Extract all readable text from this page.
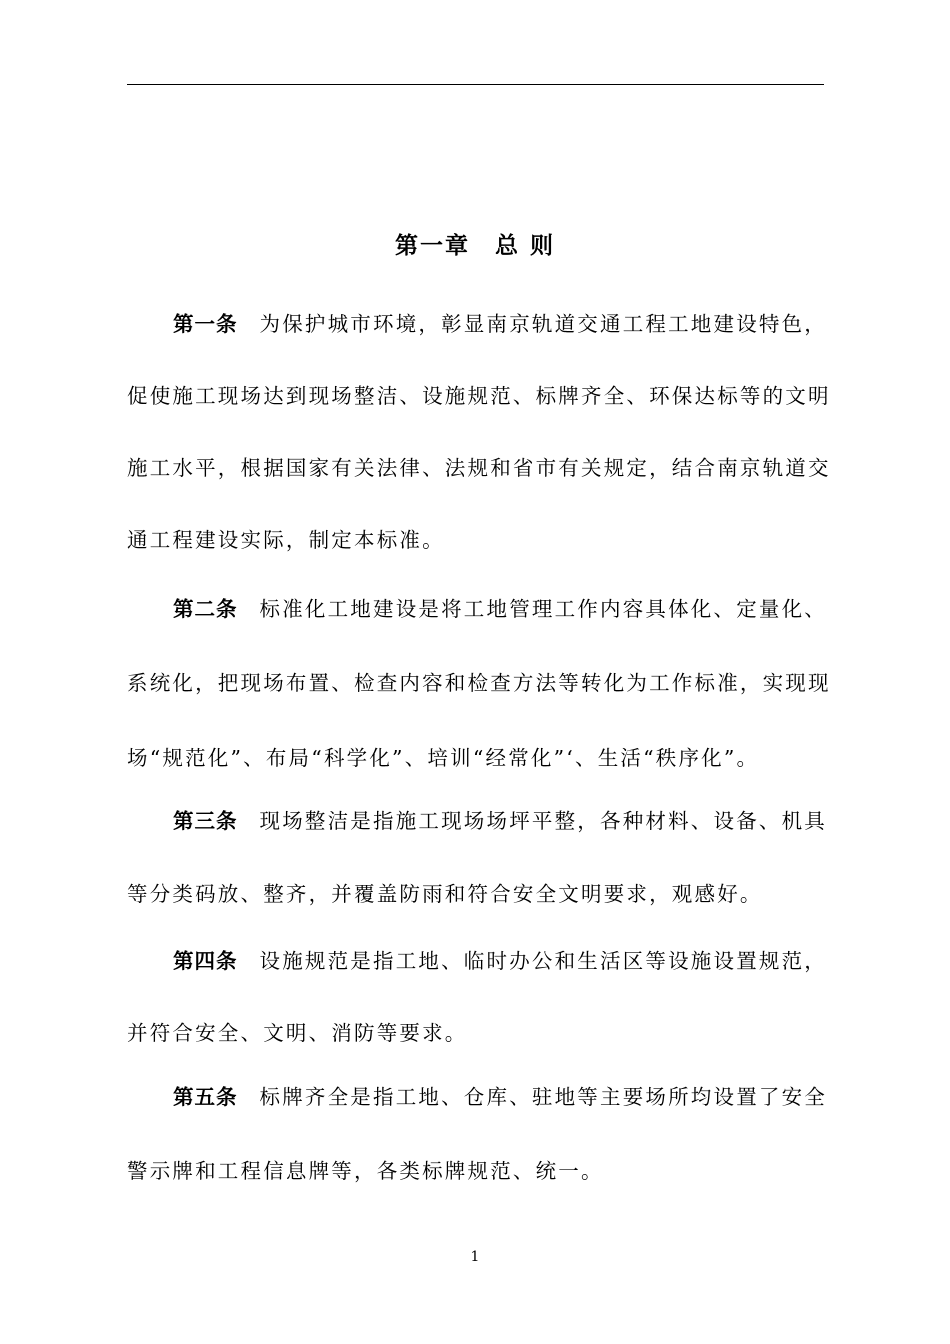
第一章　总 则
第一条 为保护城市环境，彰显南京轨道交通工程工地建设特色，
促使施工现场达到现场整洁、设施规范、标牌齐全、环保达标等的文明
施工水平，根据国家有关法律、法规和省市有关规定，结合南京轨道交
通工程建设实际，制定本标准。
第二条 标准化工地建设是将工地管理工作内容具体化、定量化、
系统化，把现场布置、检查内容和检查方法等转化为工作标准，实现现
场“规范化”、布局“科学化”、培训“经常化”‘、生活“秩序化”。
第三条 现场整洁是指施工现场场坪平整，各种材料、设备、机具
等分类码放、整齐，并覆盖防雨和符合安全文明要求，观感好。
第四条 设施规范是指工地、临时办公和生活区等设施设置规范，
并符合安全、文明、消防等要求。
第五条 标牌齐全是指工地、仓库、驻地等主要场所均设置了安全
警示牌和工程信息牌等，各类标牌规范、统一。
1
